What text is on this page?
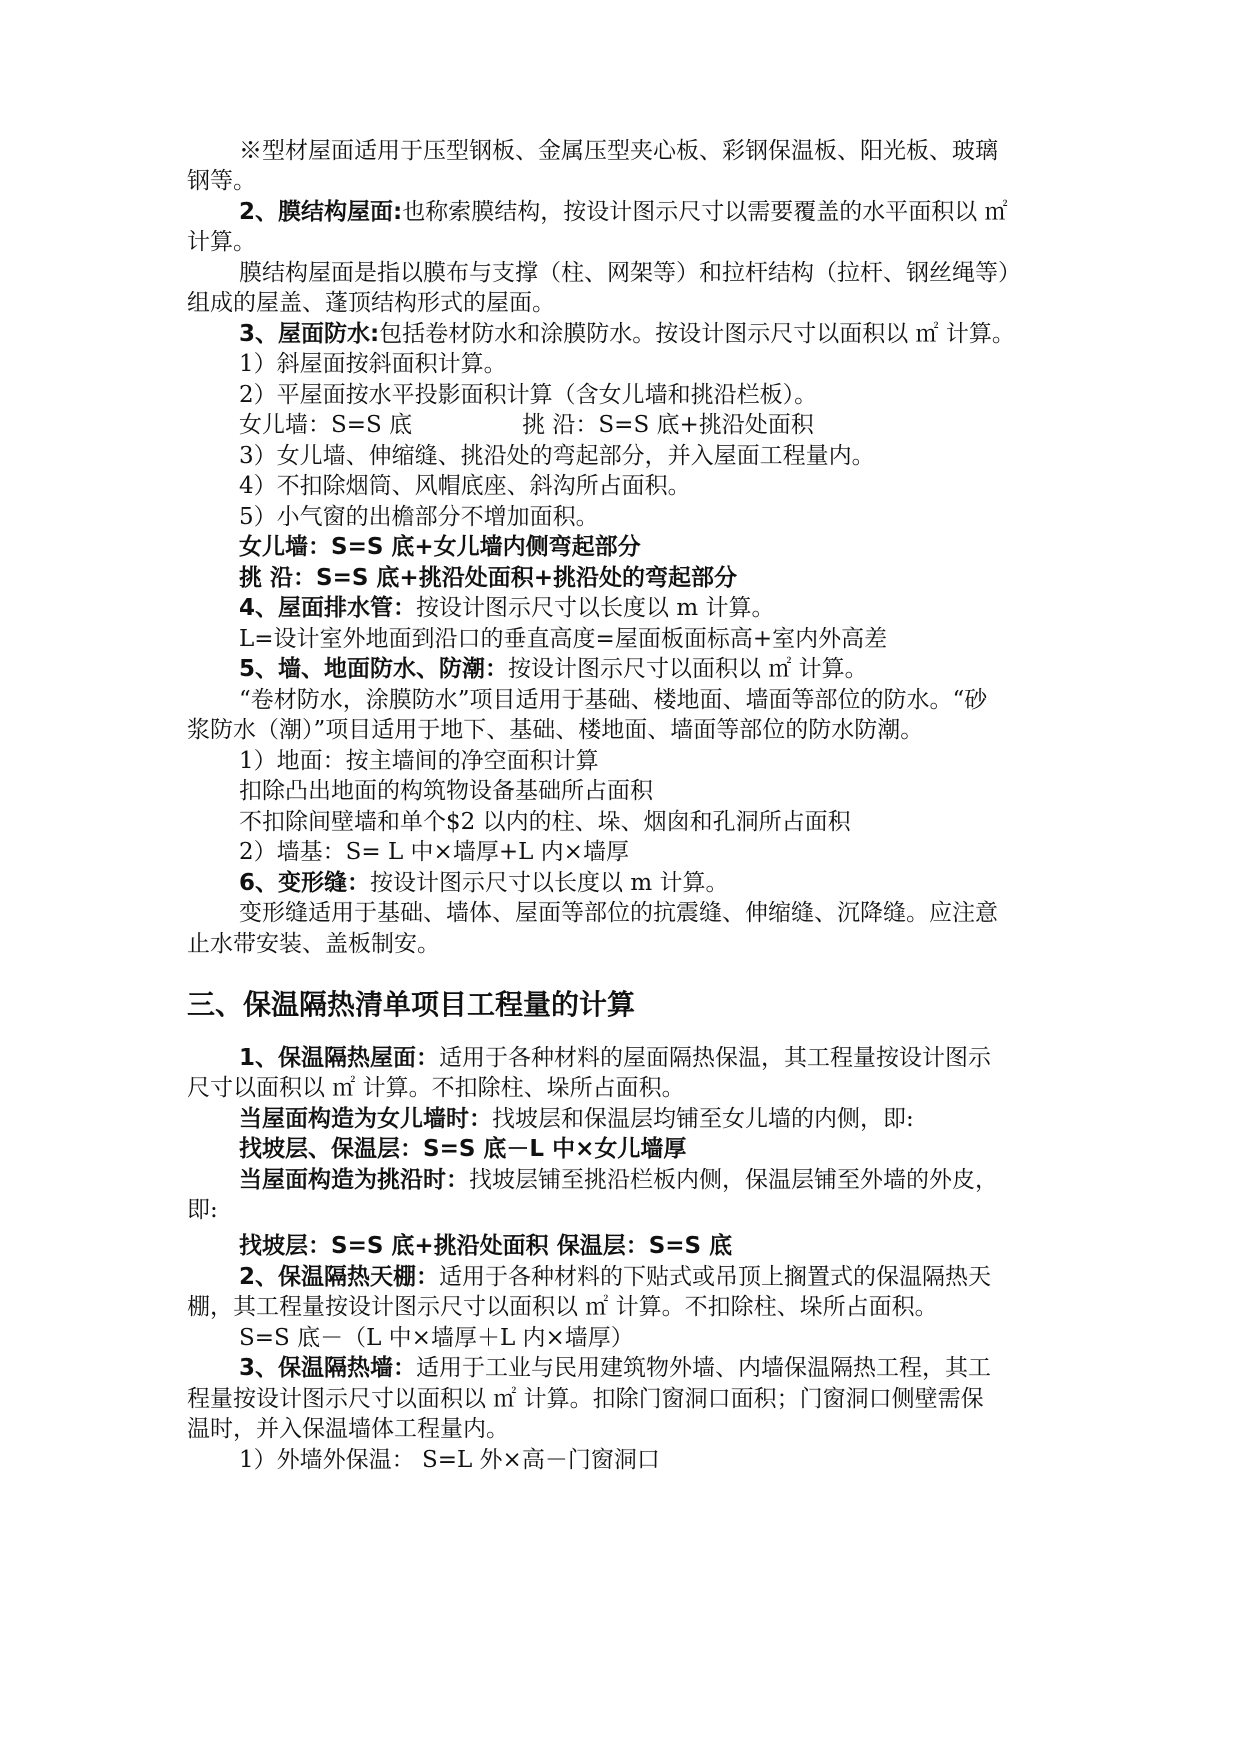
※型材屋面适用于压型钢板、金属压型夹心板、彩钢保温板、阳光板、玻璃
钢等。
2、膜结构屋面:也称索膜结构，按设计图示尺寸以需要覆盖的水平面积以 ㎡
计算。
膜结构屋面是指以膜布与支撑（柱、网架等）和拉杆结构（拉杆、钢丝绳等）
组成的屋盖、蓬顶结构形式的屋面。
3、屋面防水:包括卷材防水和涂膜防水。按设计图示尺寸以面积以 ㎡ 计算。
1）斜屋面按斜面积计算。
2）平屋面按水平投影面积计算（含女儿墙和挑沿栏板）。
女儿墙：S=S 底	挑 沿：S=S 底+挑沿处面积
3）女儿墙、伸缩缝、挑沿处的弯起部分，并入屋面工程量内。
4）不扣除烟筒、风帽底座、斜沟所占面积。
5）小气窗的出檐部分不增加面积。
女儿墙：S=S 底+女儿墙内侧弯起部分
挑 沿：S=S 底+挑沿处面积+挑沿处的弯起部分
4、屋面排水管：按设计图示尺寸以长度以 m 计算。
L=设计室外地面到沿口的垂直高度=屋面板面标高+室内外高差
5、墙、地面防水、防潮：按设计图示尺寸以面积以 ㎡ 计算。
“卷材防水，涂膜防水”项目适用于基础、楼地面、墙面等部位的防水。“砂
浆防水（潮）”项目适用于地下、基础、楼地面、墙面等部位的防水防潮。
1）地面：按主墙间的净空面积计算
扣除凸出地面的构筑物设备基础所占面积
不扣除间壁墙和单个$2 以内的柱、垛、烟囱和孔洞所占面积
2）墙基：S= L 中×墙厚+L 内×墙厚
6、变形缝：按设计图示尺寸以长度以 m 计算。
变形缝适用于基础、墙体、屋面等部位的抗震缝、伸缩缝、沉降缝。应注意
止水带安装、盖板制安。
三、保温隔热清单项目工程量的计算
1、保温隔热屋面：适用于各种材料的屋面隔热保温，其工程量按设计图示
尺寸以面积以 ㎡ 计算。不扣除柱、垛所占面积。
当屋面构造为女儿墙时：找坡层和保温层均铺至女儿墙的内侧，即:
找坡层、保温层：S=S 底－L 中×女儿墙厚
当屋面构造为挑沿时：找坡层铺至挑沿栏板内侧，保温层铺至外墙的外皮，
即:
找坡层：S=S 底+挑沿处面积 保温层：S=S 底
2、保温隔热天棚：适用于各种材料的下贴式或吊顶上搁置式的保温隔热天
棚，其工程量按设计图示尺寸以面积以 ㎡ 计算。不扣除柱、垛所占面积。
S=S 底－（L 中×墙厚＋L 内×墙厚）
3、保温隔热墙：适用于工业与民用建筑物外墙、内墙保温隔热工程，其工
程量按设计图示尺寸以面积以 ㎡ 计算。扣除门窗洞口面积；门窗洞口侧壁需保
温时，并入保温墙体工程量内。
1）外墙外保温： S=L 外×高－门窗洞口
